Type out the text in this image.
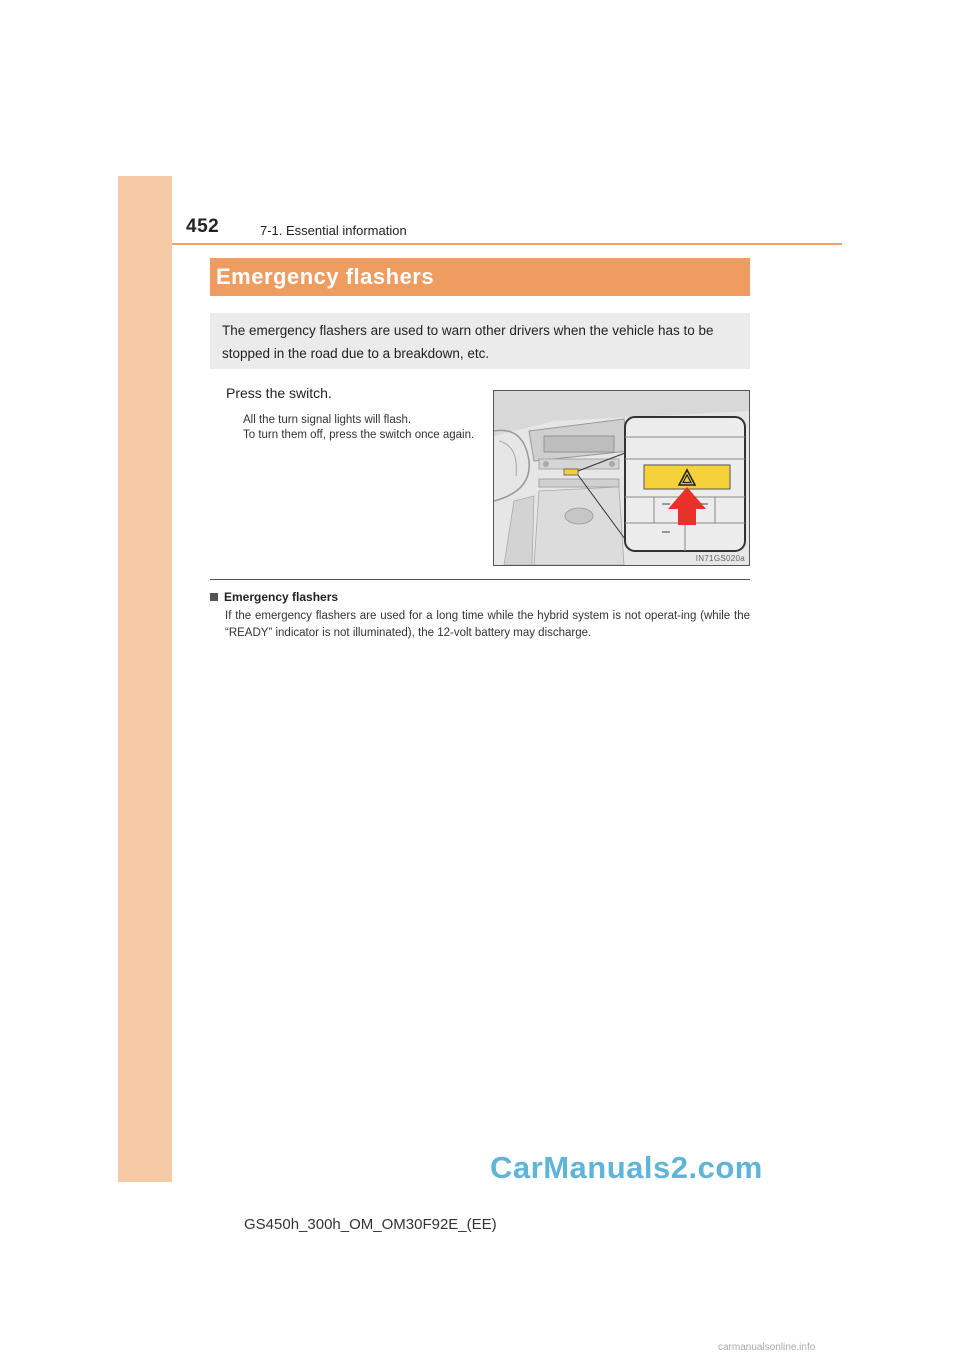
452	7-1. Essential information
Emergency flashers
The emergency flashers are used to warn other drivers when the vehicle has to be stopped in the road due to a breakdown, etc.
Press the switch.
All the turn signal lights will flash.
To turn them off, press the switch once again.
IN71GS020a
Emergency flashers
If the emergency flashers are used for a long time while the hybrid system is not operat-ing (while the “READY” indicator is not illuminated), the 12-volt battery may discharge.
CarManuals2.com
GS450h_300h_OM_OM30F92E_(EE)
carmanualsonline.info
